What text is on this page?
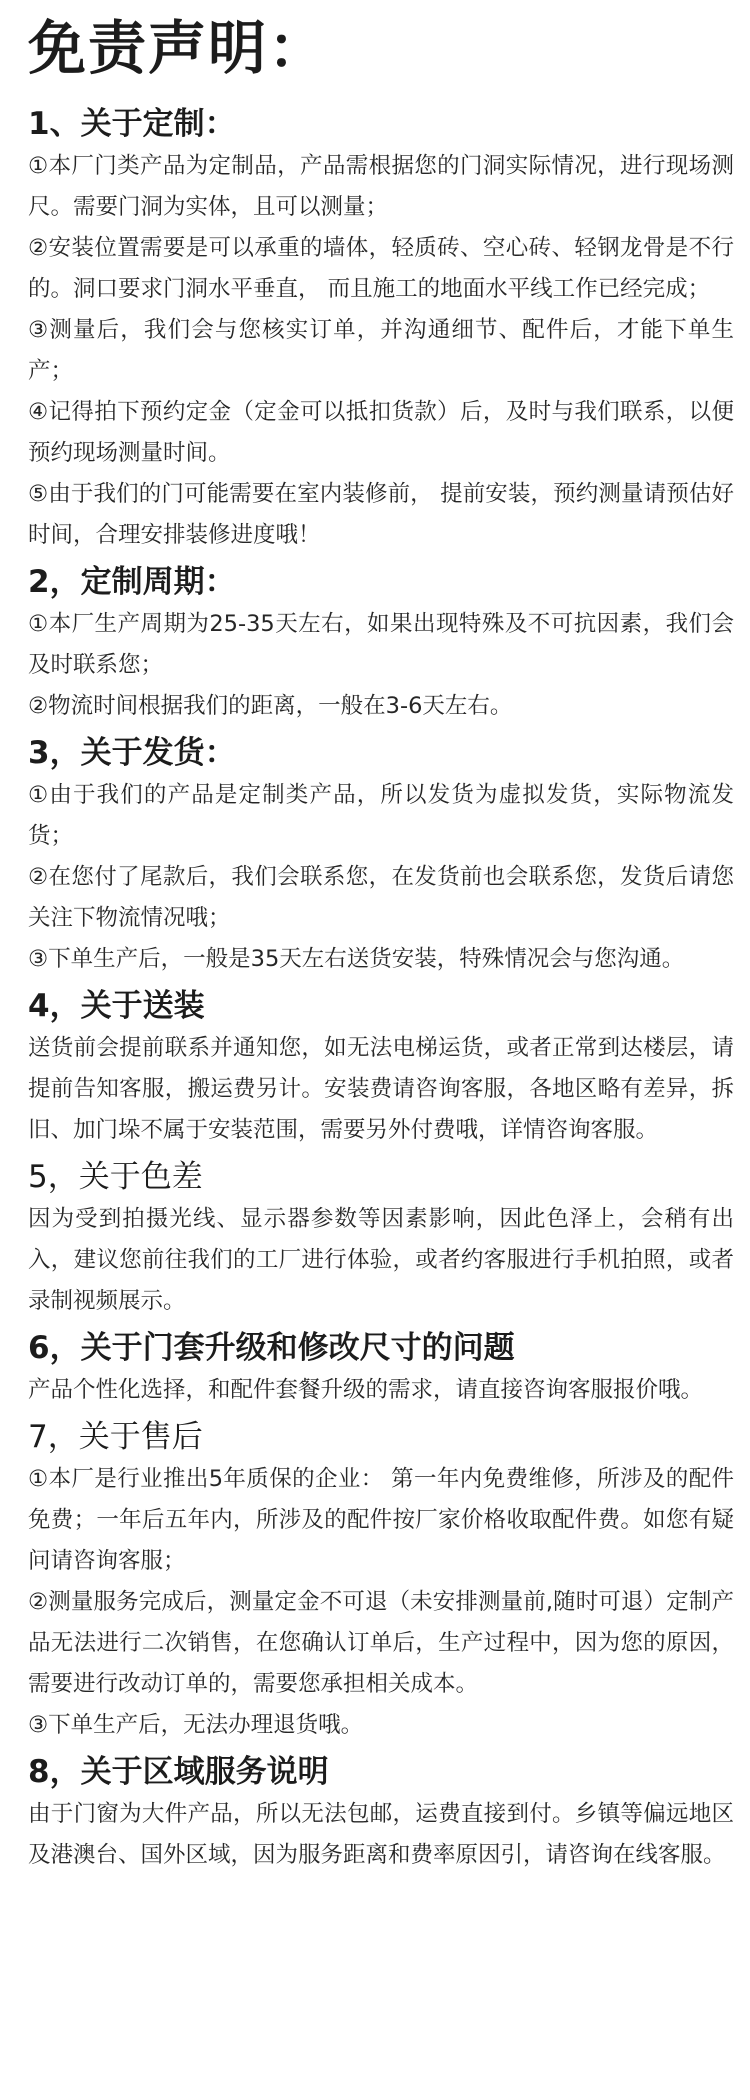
免责声明：
1、关于定制：

①本厂门类产品为定制品，产品需根据您的门洞实际情况，进行现场测尺。需要门洞为实体，且可以测量；

②安装位置需要是可以承重的墙体，轻质砖、空心砖、轻钢龙骨是不行的。洞口要求门洞水平垂直， 而且施工的地面水平线工作已经完成；

③测量后，我们会与您核实订单，并沟通细节、配件后，才能下单生产；

④记得拍下预约定金（定金可以抵扣货款）后，及时与我们联系，以便预约现场测量时间。

⑤由于我们的门可能需要在室内装修前， 提前安装，预约测量请预估好时间，合理安排装修进度哦！

2，定制周期：

①本厂生产周期为25-35天左右，如果出现特殊及不可抗因素，我们会及时联系您；

②物流时间根据我们的距离，一般在3-6天左右。

3，关于发货：

①由于我们的产品是定制类产品，所以发货为虚拟发货，实际物流发货；

②在您付了尾款后，我们会联系您，在发货前也会联系您，发货后请您关注下物流情况哦；

③下单生产后，一般是35天左右送货安装，特殊情况会与您沟通。

4，关于送装

送货前会提前联系并通知您，如无法电梯运货，或者正常到达楼层，请提前告知客服，搬运费另计。安装费请咨询客服，各地区略有差异，拆旧、加门垛不属于安装范围，需要另外付费哦，详情咨询客服。

5，关于色差

因为受到拍摄光线、显示器参数等因素影响，因此色泽上，会稍有出入，建议您前往我们的工厂进行体验，或者约客服进行手机拍照，或者录制视频展示。

6，关于门套升级和修改尺寸的问题

产品个性化选择，和配件套餐升级的需求，请直接咨询客服报价哦。

7，关于售后

①本厂是行业推出5年质保的企业： 第一年内免费维修，所涉及的配件免费；一年后五年内，所涉及的配件按厂家价格收取配件费。如您有疑问请咨询客服；

②测量服务完成后，测量定金不可退（未安排测量前,随时可退）定制产品无法进行二次销售，在您确认订单后，生产过程中，因为您的原因，需要进行改动订单的，需要您承担相关成本。

③下单生产后，无法办理退货哦。

8，关于区域服务说明

由于门窗为大件产品，所以无法包邮，运费直接到付。乡镇等偏远地区及港澳台、国外区域，因为服务距离和费率原因引，请咨询在线客服。
